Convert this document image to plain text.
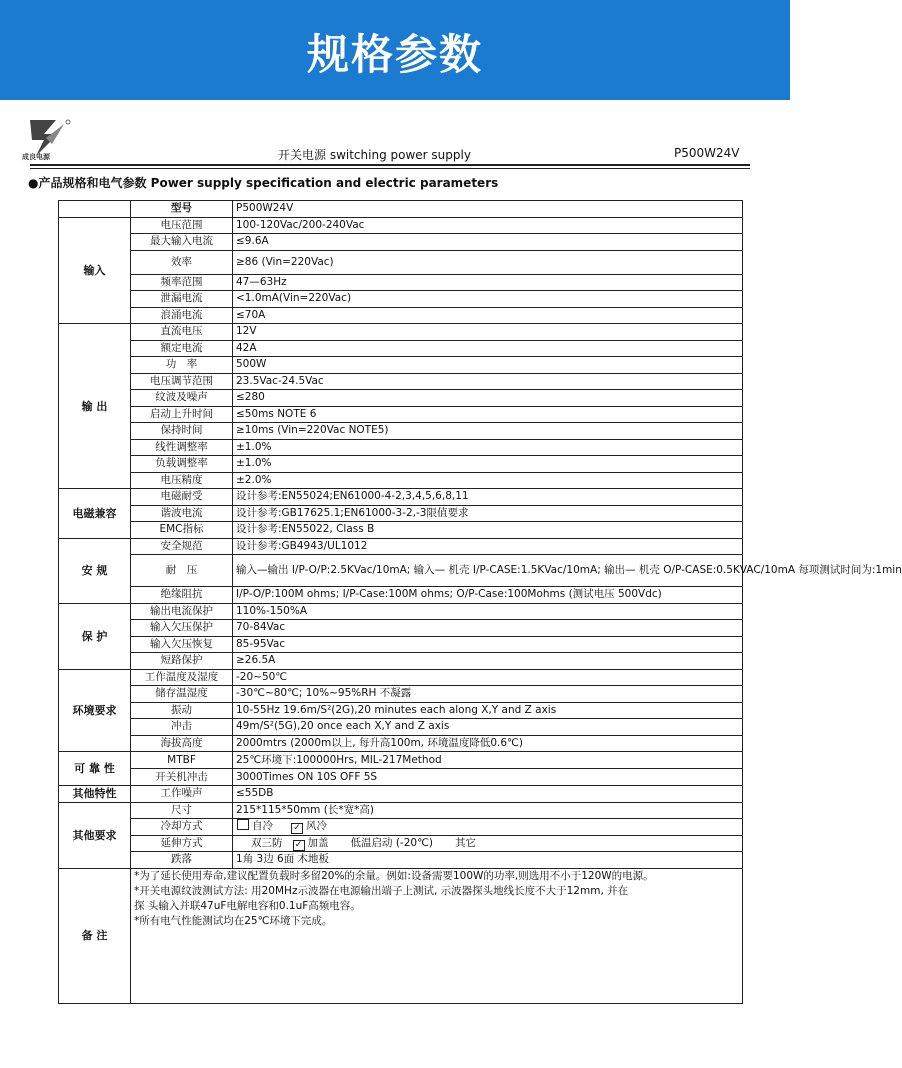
规格参数
成良电源	开关电源 switching power supply	P500W24V
●产品规格和电气参数 Power supply specification and electric parameters
	型号	P500W24V
输入	电压范围	100-120Vac/200-240Vac
	最大输入电流	≤9.6A
	效率	≥86 (Vin=220Vac)
	频率范围	47—63Hz
	泄漏电流	<1.0mA(Vin=220Vac)
	浪涌电流	≤70A
输 出	直流电压	12V
	额定电流	42A
	功　率	500W
	电压调节范围	23.5Vac-24.5Vac
	纹波及噪声	≤280
	启动上升时间	≤50ms NOTE 6
	保持时间	≥10ms (Vin=220Vac NOTE5)
	线性调整率	±1.0%
	负载调整率	±1.0%
	电压精度	±2.0%
电磁兼容	电磁耐受	设计参考:EN55024;EN61000-4-2,3,4,5,6,8,11
	谐波电流	设计参考:GB17625.1;EN61000-3-2,-3限值要求
	EMC指标	设计参考:EN55022, Class B
安 规	安全规范	设计参考:GB4943/UL1012
	耐　压	输入—输出 I/P-O/P:2.5KVac/10mA; 输入— 机壳 I/P-CASE:1.5KVac/10mA; 输出— 机壳 O/P-CASE:0.5KVAC/10mA 每项测试时间为:1min
	绝缘阻抗	I/P-O/P:100M ohms; I/P-Case:100M ohms; O/P-Case:100Mohms (测试电压 500Vdc)
保 护	输出电流保护	110%-150%A
	输入欠压保护	70-84Vac
	输入欠压恢复	85-95Vac
	短路保护	≥26.5A
环境要求	工作温度及湿度	-20~50℃
	储存温湿度	-30℃~80℃; 10%~95%RH 不凝露
	振动	10-55Hz 19.6m/S²(2G),20 minutes each along X,Y and Z axis
	冲击	49m/S²(5G),20 once each X,Y and Z axis
	海拔高度	2000mtrs (2000m以上, 每升高100m, 环境温度降低0.6℃)
可 靠 性	MTBF	25℃环境下:100000Hrs, MIL-217Method
	开关机冲击	3000Times ON 10S OFF 5S
其他特性	工作噪声	≤55DB
其他要求	尺寸	215*115*50mm (长*宽*高)
	冷却方式	自冷 ✓ 风冷
	延伸方式	双三防 ✓ 加盖 低温启动 (-20℃) 其它
	跌落	1角 3边 6面 木地板
备 注	*为了延长使用寿命,建议配置负载时多留20%的余量。例如:设备需要100W的功率,则选用不小于120W的电源。
*开关电源纹波测试方法: 用20MHz示波器在电源输出端子上测试, 示波器探头地线长度不大于12mm, 并在
探 头输入并联47uF电解电容和0.1uF高频电容。
*所有电气性能测试均在25℃环境下完成。	
